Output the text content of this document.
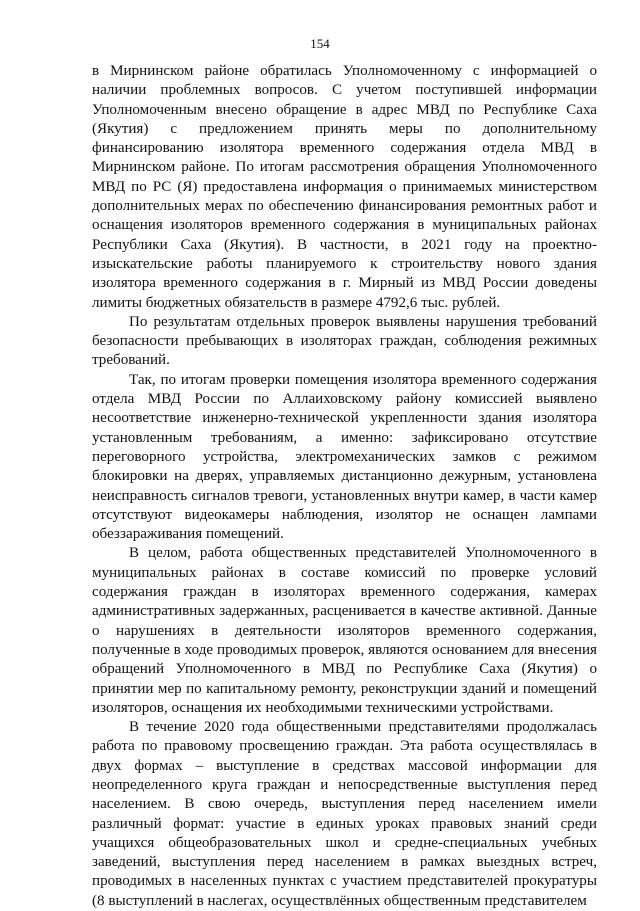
154

в Мирнинском районе обратилась Уполномоченному с информацией о наличии проблемных вопросов. С учетом поступившей информации Уполномоченным внесено обращение в адрес МВД по Республике Саха (Якутия) с предложением принять меры по дополнительному финансированию изолятора временного содержания отдела МВД в Мирнинском районе. По итогам рассмотрения обращения Уполномоченного МВД по РС (Я) предоставлена информация о принимаемых министерством дополнительных мерах по обеспечению финансирования ремонтных работ и оснащения изоляторов временного содержания в муниципальных районах Республики Саха (Якутия). В частности, в 2021 году на проектно-изыскательские работы планируемого к строительству нового здания изолятора временного содержания в г. Мирный из МВД России доведены лимиты бюджетных обязательств в размере 4792,6 тыс. рублей.

По результатам отдельных проверок выявлены нарушения требований безопасности пребывающих в изоляторах граждан, соблюдения режимных требований.

Так, по итогам проверки помещения изолятора временного содержания отдела МВД России по Аллаиховскому району комиссией выявлено несоответствие инженерно-технической укрепленности здания изолятора установленным требованиям, а именно: зафиксировано отсутствие переговорного устройства, электромеханических замков с режимом блокировки на дверях, управляемых дистанционно дежурным, установлена неисправность сигналов тревоги, установленных внутри камер, в части камер отсутствуют видеокамеры наблюдения, изолятор не оснащен лампами обеззараживания помещений.

В целом, работа общественных представителей Уполномоченного в муниципальных районах в составе комиссий по проверке условий содержания граждан в изоляторах временного содержания, камерах административных задержанных, расценивается в качестве активной. Данные о нарушениях в деятельности изоляторов временного содержания, полученные в ходе проводимых проверок, являются основанием для внесения обращений Уполномоченного в МВД по Республике Саха (Якутия) о принятии мер по капитальному ремонту, реконструкции зданий и помещений изоляторов, оснащения их необходимыми техническими устройствами.

В течение 2020 года общественными представителями продолжалась работа по правовому просвещению граждан. Эта работа осуществлялась в двух формах – выступление в средствах массовой информации для неопределенного круга граждан и непосредственные выступления перед населением. В свою очередь, выступления перед населением имели различный формат: участие в единых уроках правовых знаний среди учащихся общеобразовательных школ и средне-специальных учебных заведений, выступления перед населением в рамках выездных встреч, проводимых в населенных пунктах с участием представителей прокуратуры (8 выступлений в наслегах, осуществлённых общественным представителем
